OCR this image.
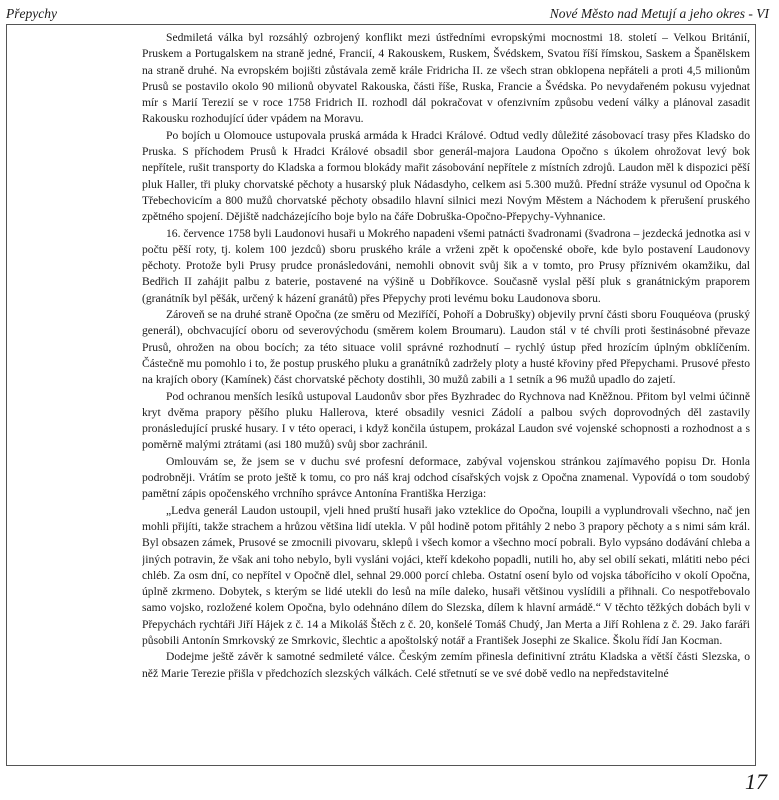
Přepychy	Nové Město nad Metují a jeho okres - VI

Sedmiletá válka byl rozsáhlý ozbrojený konflikt mezi ústředními evropskými mocnostmi 18. století – Velkou Británií, Pruskem a Portugalskem na straně jedné, Francií, 4 Rakouskem, Ruskem, Švédskem, Svatou říší římskou, Saskem a Španělskem na straně druhé. Na evropském bojišti zůstávala země krále Fridricha II. ze všech stran obklopena nepřáteli a proti 4,5 milionům Prusů se postavilo okolo 90 milionů obyvatel Rakouska, části říše, Ruska, Francie a Švédska. Po nevydařeném pokusu vyjednat mír s Marií Terezií se v roce 1758 Fridrich II. rozhodl dál pokračovat v ofenzivním způsobu vedení války a plánoval zasadit Rakousku rozhodující úder vpádem na Moravu.

Po bojích u Olomouce ustupovala pruská armáda k Hradci Králové. Odtud vedly důležité zásobovací trasy přes Kladsko do Pruska. S příchodem Prusů k Hradci Králové obsadil sbor generál-majora Laudona Opočno s úkolem ohrožovat levý bok nepřítele, rušit transporty do Kladska a formou blokády mařit zásobování nepřítele z místních zdrojů. Laudon měl k dispozici pěší pluk Haller, tři pluky chorvatské pěchoty a husarský pluk Nádasdyho, celkem asi 5.300 mužů. Přední stráže vysunul od Opočna k Třebechovicím a 800 mužů chorvatské pěchoty obsadilo hlavní silnici mezi Novým Městem a Náchodem k přerušení pruského zpětného spojení. Dějiště nadcházejícího boje bylo na čáře Dobruška-Opočno-Přepychy-Vyhnanice.

16. července 1758 byli Laudonovi husaři u Mokrého napadeni všemi patnácti švadronami (švadrona – jezdecká jednotka asi v počtu pěší roty, tj. kolem 100 jezdců) sboru pruského krále a vrženi zpět k opočenské oboře, kde bylo postavení Laudonovy pěchoty. Protože byli Prusy prudce pronásledováni, nemohli obnovit svůj šik a v tomto, pro Prusy příznivém okamžiku, dal Bedřich II zahájit palbu z baterie, postavené na výšině u Dobříkovce. Současně vyslal pěší pluk s granátnickým praporem (granátník byl pěšák, určený k házení granátů) přes Přepychy proti levému boku Laudonova sboru.

Zároveň se na druhé straně Opočna (ze směru od Meziříčí, Pohoří a Dobrušky) objevily první části sboru Fouquéova (pruský generál), obchvacující oboru od severovýchodu (směrem kolem Broumaru). Laudon stál v té chvíli proti šestinásobné převaze Prusů, ohrožen na obou bocích; za této situace volil správné rozhodnutí – rychlý ústup před hrozícím úplným obklíčením. Částečně mu pomohlo i to, že postup pruského pluku a granátníků zadržely ploty a husté křoviny před Přepychami. Prusové přesto na krajích obory (Kamínek) část chorvatské pěchoty dostihli, 30 mužů zabili a 1 setník a 96 mužů upadlo do zajetí.

Pod ochranou menších lesíků ustupoval Laudonův sbor přes Byzhradec do Rychnova nad Kněžnou. Přitom byl velmi účinně kryt dvěma prapory pěšího pluku Hallerova, které obsadily vesnici Zádolí a palbou svých doprovodných děl zastavily pronásledující pruské husary. I v této operaci, i když končila ústupem, prokázal Laudon své vojenské schopnosti a rozhodnost a s poměrně malými ztrátami (asi 180 mužů) svůj sbor zachránil.

Omlouvám se, že jsem se v duchu své profesní deformace, zabýval vojenskou stránkou zajímavého popisu Dr. Honla podrobněji. Vrátím se proto ještě k tomu, co pro náš kraj odchod císařských vojsk z Opočna znamenal. Vypovídá o tom soudobý pamětní zápis opočenského vrchního správce Antonína Františka Herziga:

„Ledva generál Laudon ustoupil, vjeli hned pruští husaři jako vzteklice do Opočna, loupili a vyplundrovali všechno, nač jen mohli přijíti, takže strachem a hrůzou většina lidí utekla. V půl hodině potom přitáhly 2 nebo 3 prapory pěchoty a s nimi sám král. Byl obsazen zámek, Prusové se zmocnili pivovaru, sklepů i všech komor a všechno mocí pobrali. Bylo vypsáno dodávání chleba a jiných potravin, že však ani toho nebylo, byli vysláni vojáci, kteří kdekoho popadli, nutili ho, aby sel obilí sekati, mlátiti nebo péci chléb. Za osm dní, co nepřítel v Opočně dlel, sehnal 29.000 porcí chleba. Ostatní osení bylo od vojska táboříciho v okolí Opočna, úplně zkrmeno. Dobytek, s kterým se lidé utekli do lesů na míle daleko, husaři většinou vyslídili a přihnali. Co nespotřebovalo samo vojsko, rozložené kolem Opočna, bylo odehnáno dílem do Slezska, dílem k hlavní armádě.“ V těchto těžkých dobách byli v Přepychách rychtáři Jiří Hájek z č. 14 a Mikoláš Štěch z č. 20, konšelé Tomáš Chudý, Jan Merta a Jiří Rohlena z č. 29. Jako faráři působili Antonín Smrkovský ze Smrkovic, šlechtic a apoštolský notář a František Josephi ze Skalice. Školu řídí Jan Kocman.

Dodejme ještě závěr k samotné sedmileté válce. Českým zemím přinesla definitivní ztrátu Kladska a větší části Slezska, o něž Marie Terezie přišla v předchozích slezských válkách. Celé střetnutí se ve své době vedlo na nepředstavitelné

17
